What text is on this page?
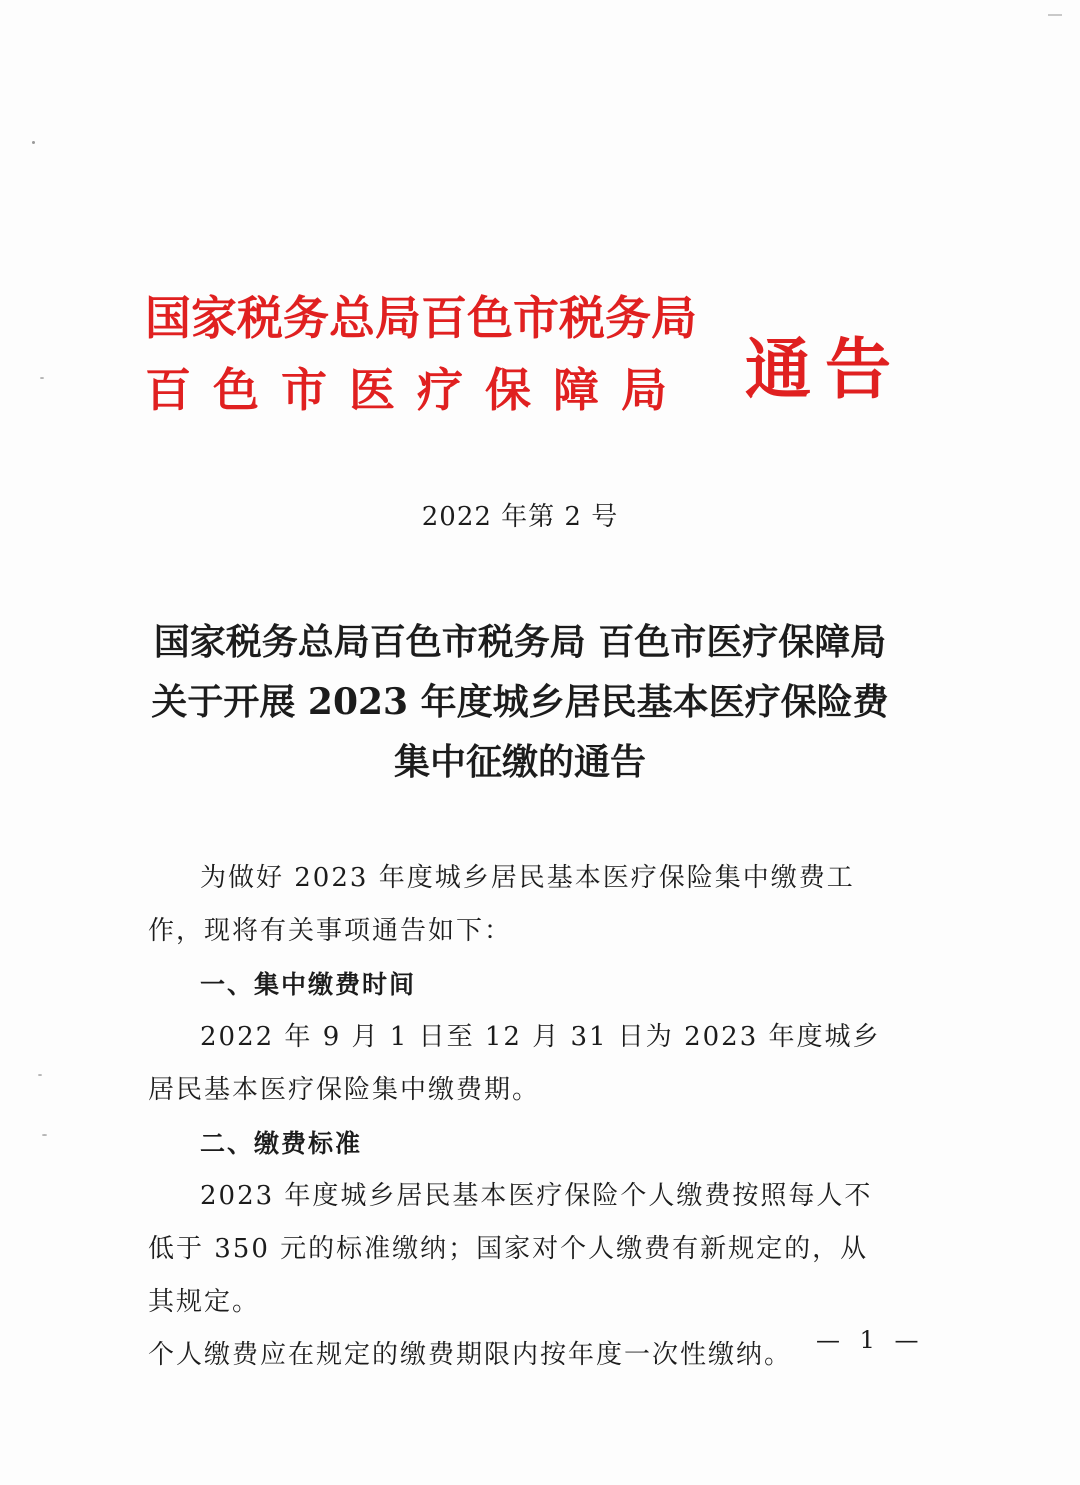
国家税务总局百色市税务局
百色市医疗保障局 通告
2022 年第 2 号
国家税务总局百色市税务局 百色市医疗保障局
关于开展 2023 年度城乡居民基本医疗保险费
集中征缴的通告

为做好 2023 年度城乡居民基本医疗保险集中缴费工作，现将有关事项通告如下：

一、集中缴费时间

2022 年 9 月 1 日至 12 月 31 日为 2023 年度城乡居民基本医疗保险集中缴费期。

二、缴费标准

2023 年度城乡居民基本医疗保险个人缴费按照每人不低于 350 元的标准缴纳；国家对个人缴费有新规定的，从其规定。

个人缴费应在规定的缴费期限内按年度一次性缴纳。 — 1 —
